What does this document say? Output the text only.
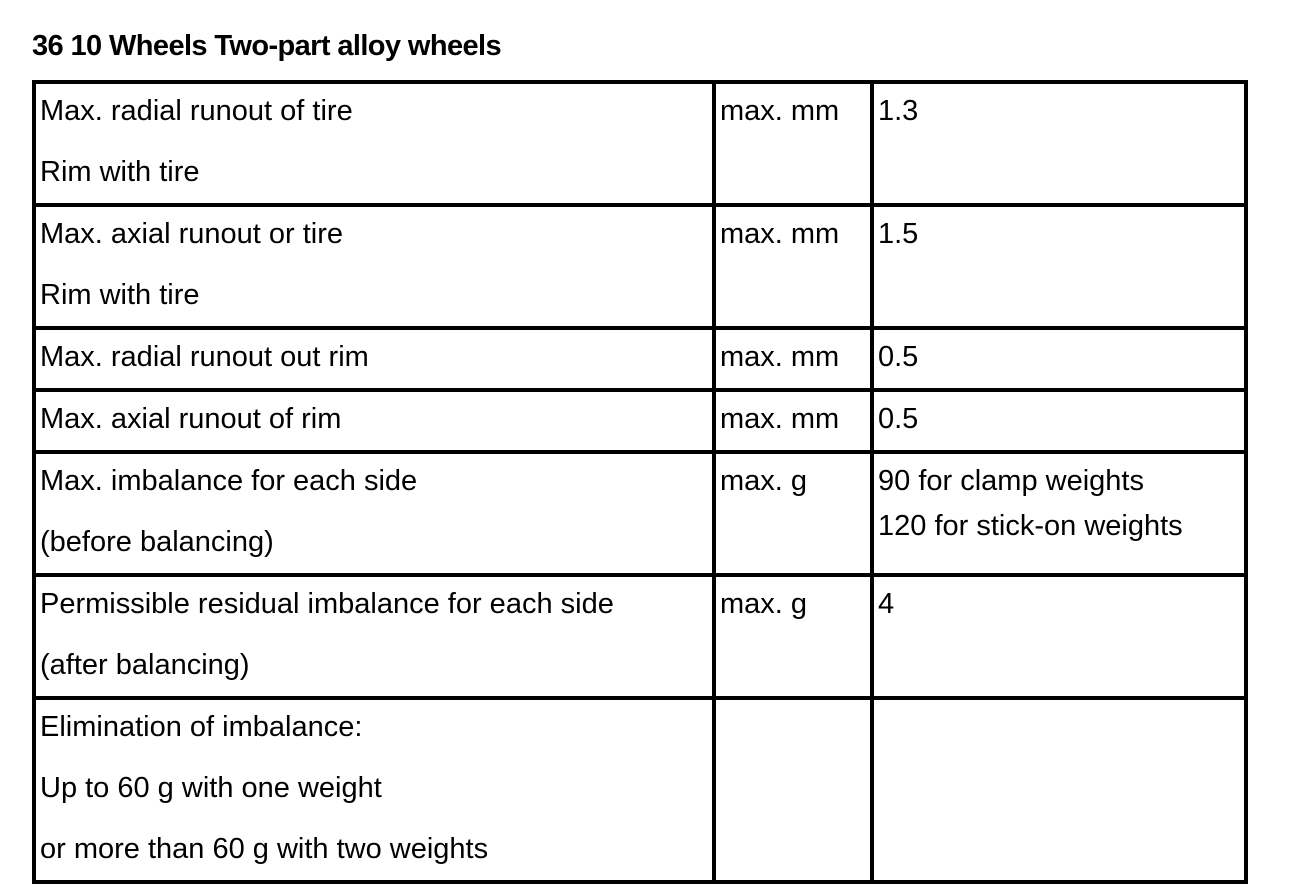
36 10 Wheels Two-part alloy wheels
Max. radial runout of tire
Rim with tire	max. mm	1.3

Max. axial runout or tire
Rim with tire	max. mm	1.5

Max. radial runout out rim	max. mm	0.5

Max. axial runout of rim	max. mm	0.5

Max. imbalance for each side
(before balancing)	max. g	90 for clamp weights
120 for stick-on weights

Permissible residual imbalance for each side
(after balancing)	max. g	4

Elimination of imbalance:
Up to 60 g with one weight
or more than 60 g with two weights		
